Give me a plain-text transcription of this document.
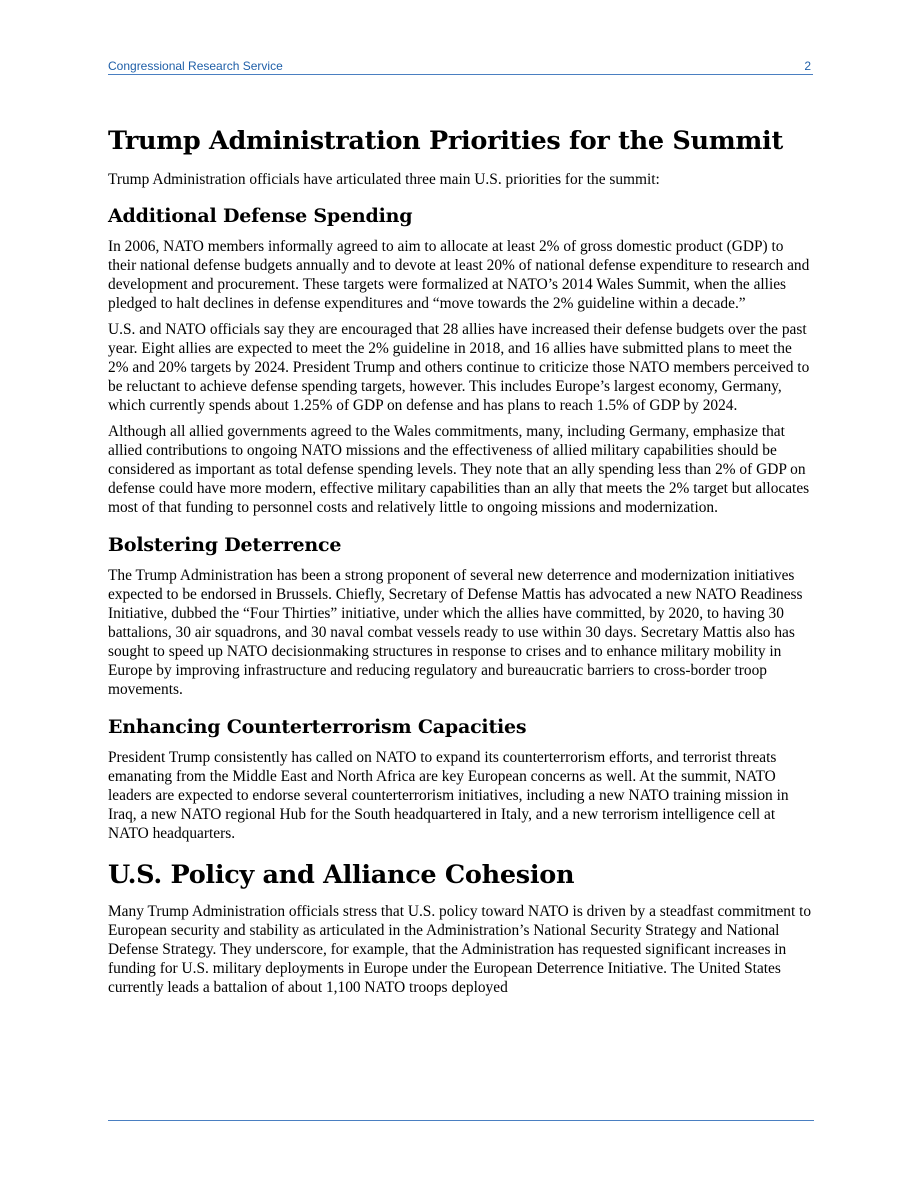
Congressional Research Service	2
Trump Administration Priorities for the Summit

Trump Administration officials have articulated three main U.S. priorities for the summit:

Additional Defense Spending

In 2006, NATO members informally agreed to aim to allocate at least 2% of gross domestic product (GDP) to their national defense budgets annually and to devote at least 20% of national defense expenditure to research and development and procurement. These targets were formalized at NATO’s 2014 Wales Summit, when the allies pledged to halt declines in defense expenditures and “move towards the 2% guideline within a decade.”

U.S. and NATO officials say they are encouraged that 28 allies have increased their defense budgets over the past year. Eight allies are expected to meet the 2% guideline in 2018, and 16 allies have submitted plans to meet the 2% and 20% targets by 2024. President Trump and others continue to criticize those NATO members perceived to be reluctant to achieve defense spending targets, however. This includes Europe’s largest economy, Germany, which currently spends about 1.25% of GDP on defense and has plans to reach 1.5% of GDP by 2024.

Although all allied governments agreed to the Wales commitments, many, including Germany, emphasize that allied contributions to ongoing NATO missions and the effectiveness of allied military capabilities should be considered as important as total defense spending levels. They note that an ally spending less than 2% of GDP on defense could have more modern, effective military capabilities than an ally that meets the 2% target but allocates most of that funding to personnel costs and relatively little to ongoing missions and modernization.

Bolstering Deterrence

The Trump Administration has been a strong proponent of several new deterrence and modernization initiatives expected to be endorsed in Brussels. Chiefly, Secretary of Defense Mattis has advocated a new NATO Readiness Initiative, dubbed the “Four Thirties” initiative, under which the allies have committed, by 2020, to having 30 battalions, 30 air squadrons, and 30 naval combat vessels ready to use within 30 days. Secretary Mattis also has sought to speed up NATO decisionmaking structures in response to crises and to enhance military mobility in Europe by improving infrastructure and reducing regulatory and bureaucratic barriers to cross-border troop movements.

Enhancing Counterterrorism Capacities

President Trump consistently has called on NATO to expand its counterterrorism efforts, and terrorist threats emanating from the Middle East and North Africa are key European concerns as well. At the summit, NATO leaders are expected to endorse several counterterrorism initiatives, including a new NATO training mission in Iraq, a new NATO regional Hub for the South headquartered in Italy, and a new terrorism intelligence cell at NATO headquarters.

U.S. Policy and Alliance Cohesion

Many Trump Administration officials stress that U.S. policy toward NATO is driven by a steadfast commitment to European security and stability as articulated in the Administration’s National Security Strategy and National Defense Strategy. They underscore, for example, that the Administration has requested significant increases in funding for U.S. military deployments in Europe under the European Deterrence Initiative. The United States currently leads a battalion of about 1,100 NATO troops deployed
